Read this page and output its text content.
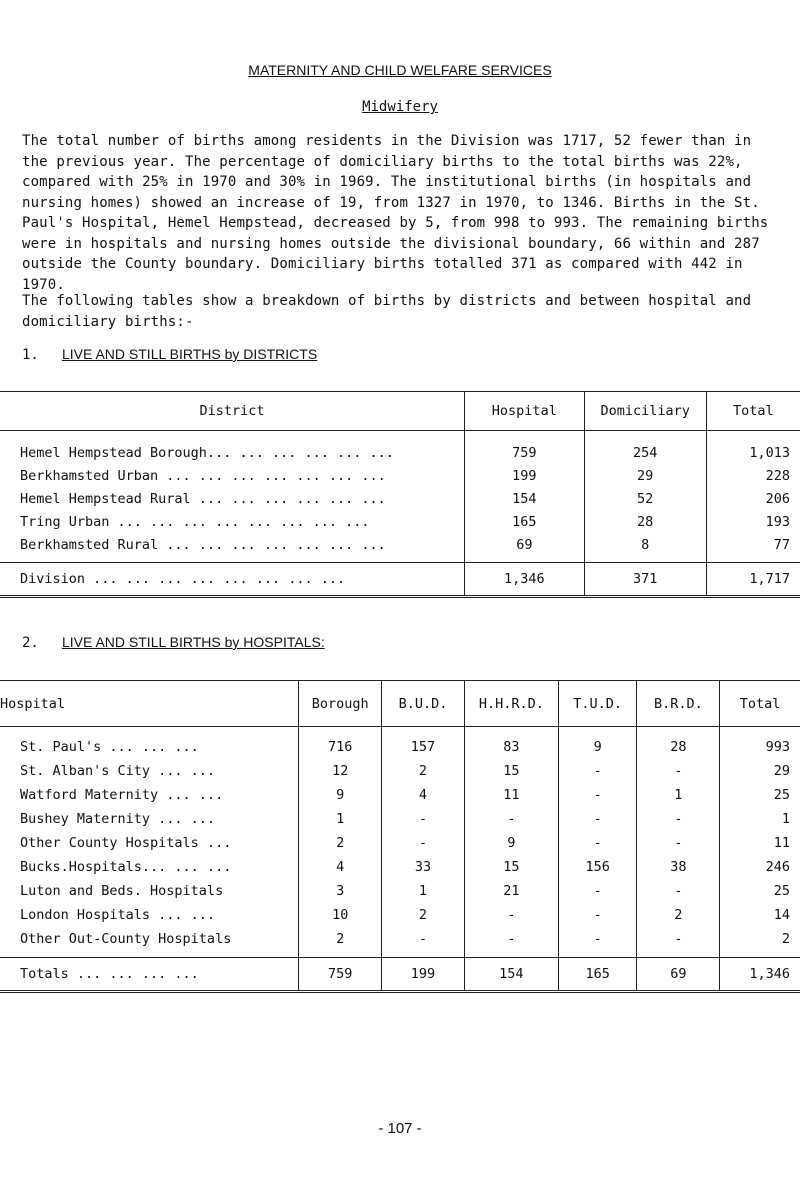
MATERNITY AND CHILD WELFARE SERVICES
Midwifery

The total number of births among residents in the Division was 1717, 52 fewer than in the previous year. The percentage of domiciliary births to the total births was 22%, compared with 25% in 1970 and 30% in 1969. The institutional births (in hospitals and nursing homes) showed an increase of 19, from 1327 in 1970, to 1346. Births in the St. Paul's Hospital, Hemel Hempstead, decreased by 5, from 998 to 993. The remaining births were in hospitals and nursing homes outside the divisional boundary, 66 within and 287 outside the County boundary. Domiciliary births totalled 371 as compared with 442 in 1970.

The following tables show a breakdown of births by districts and between hospital and domiciliary births:-

1. LIVE AND STILL BIRTHS by DISTRICTS
District	Hospital	Domiciliary	Total
Hemel Hempstead Borough... ... ... ... ... ...	759	254	1,013
Berkhamsted Urban ... ... ... ... ... ... ...	199	29	228
Hemel Hempstead Rural ... ... ... ... ... ...	154	52	206
Tring Urban ... ... ... ... ... ... ... ...	165	28	193
Berkhamsted Rural ... ... ... ... ... ... ...	69	8	77
Division ... ... ... ... ... ... ... ...	1,346	371	1,717
2. LIVE AND STILL BIRTHS by HOSPITALS:
Hospital	Borough	B.U.D.	H.H.R.D.	T.U.D.	B.R.D.	Total
St. Paul's ... ... ...	716	157	83	9	28	993
St. Alban's City ... ...	12	2	15	-	-	29
Watford Maternity ... ...	9	4	11	-	1	25
Bushey Maternity ... ...	1	-	-	-	-	1
Other County Hospitals ...	2	-	9	-	-	11
Bucks.Hospitals... ... ...	4	33	15	156	38	246
Luton and Beds. Hospitals	3	1	21	-	-	25
London Hospitals ... ...	10	2	-	-	2	14
Other Out-County Hospitals	2	-	-	-	-	2
Totals ... ... ... ...	759	199	154	165	69	1,346
- 107 -
